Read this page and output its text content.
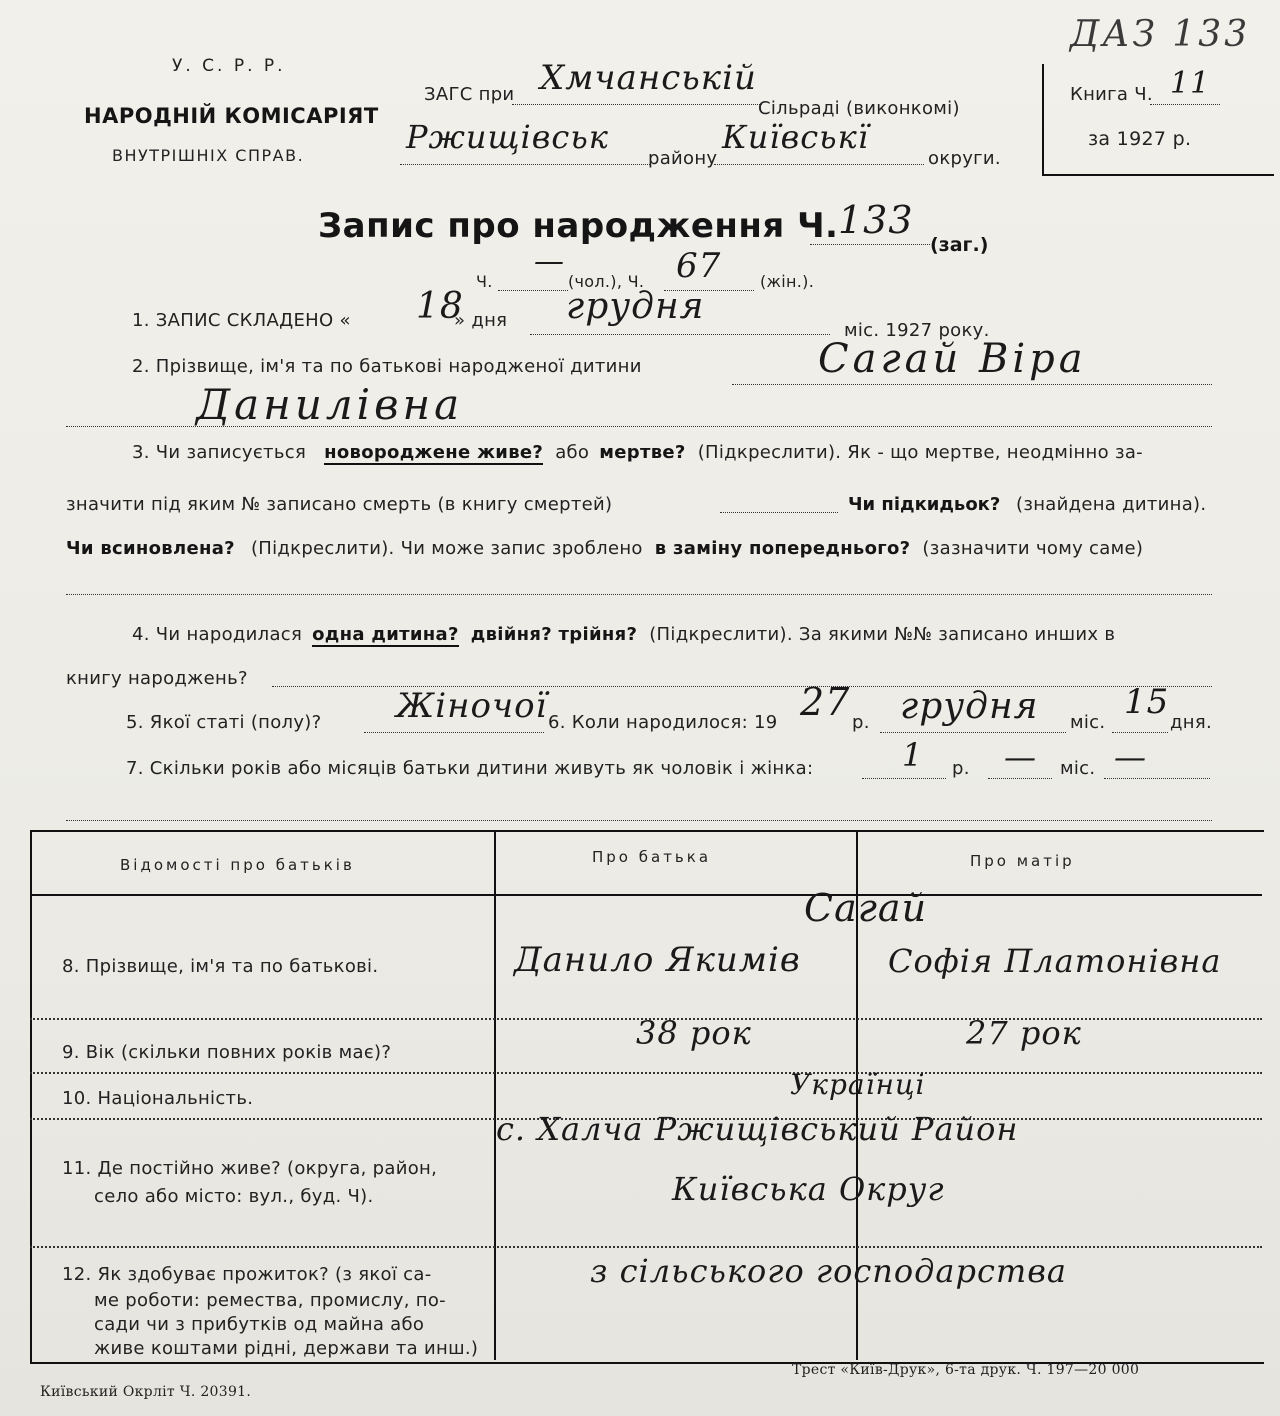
У. С. Р. Р.
НАРОДНІЙ КОМІСАРІЯТ
ВНУТРІШНІХ СПРАВ.
ЗАГС при Хмчанській
Сільраді (виконкомі)
Ржищівськ
району
Київськї
округи.
Книга Ч. 11
за 1927 р.
ДАЗ 133
Запис про народження Ч. 133
(заг.)
Ч.
—
(чол.), Ч. 67 (жін.).
1. ЗАПИС СКЛАДЕНО « 18
» дня грудня
міс. 1927 року.
2. Прізвище, ім'я та по батькові народженої дитини	Сагай Віра
Данилівна
3. Чи записується новороджене живе? або мертве? (Підкреслити). Як - що мертве, неодмінно за-
значити під яким № записано смерть (в книгу смертей)	Чи підкидьок? (знайдена дитина).
Чи всиновлена? (Підкреслити). Чи може запис зроблено в заміну попереднього? (зазначити чому саме)
4. Чи народилася одна дитина? двійня? трійня? (Підкреслити). За якими №№ записано инших в
книгу народжень?
5. Якої статі (полу)? Жіночої 6. Коли народилося: 19 27 р. грудня міс.
15
дня.
7. Скільки років або місяців батьки дитини живуть як чоловік і жінка:	1 р. — міс. —
Відомості про батьків	Про батька	Про матір
8. Прізвище, ім'я та по батькові.
Сагай
Данило Якимів	Софія Платонівна
9. Вік (скільки повних років має)?
38 рок	27 рок
10. Національність.	Українці
11. Де постійно живе? (округа, район,
село або місто: вул., буд. Ч).
с. Халча Ржищівський Район
Київська Округ
12. Як здобуває прожиток? (з якої са-
ме роботи: ремества, промислу, по-
сади чи з прибутків од майна або
живе коштами рідні, держави та инш.)
з сільського господарства
Трест «Київ-Друк», 6-та друк. Ч. 197—20 000
Київський Окрліт Ч. 20391.
